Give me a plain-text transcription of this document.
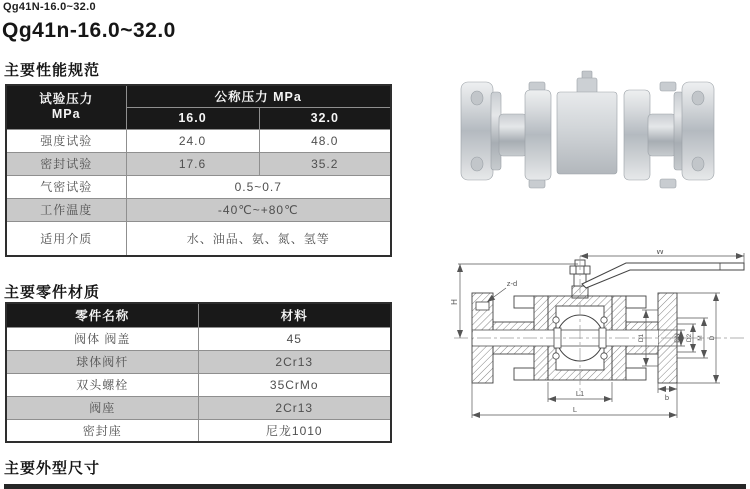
Qg41N-16.0~32.0
Qg41n-16.0~32.0
主要性能规范
试验压力
MPa	公称压力 MPa	
	16.0	32.0
强度试验	24.0	48.0
密封试验	17.6	35.2
气密试验	0.5~0.7	
工作温度	-40℃~+80℃	
适用介质	水、油品、氨、氮、氢等	
主要零件材质
零件名称	材料
阀体 阀盖	45
球体阀杆	2Cr13
双头螺栓	35CrMo
阀座	2Cr13
密封座	尼龙1010
主要外型尺寸
W
H
z-d
D1	DN D2 M D
b
L1
L
